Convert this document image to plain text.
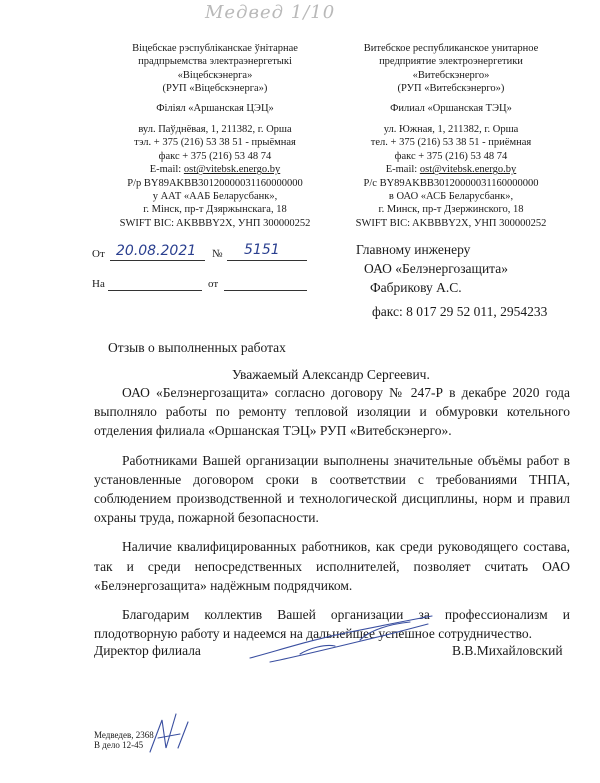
Медвед 1/10
Віцебскае рэспубліканскае ўнітарнае
прадпрыемства электраэнергетыкі
«Віцебскэнерга»
(РУП «Віцебскэнерга»)
Філіял «Аршанская ЦЭЦ»
вул. Паўднёвая, 1, 211382, г. Орша
тэл. + 375 (216) 53 38 51 - прыёмная
факс + 375 (216) 53 48 74
E-mail: ost@vitebsk.energo.by
Р/р BY89AKBB30120000031160000000
у ААТ «ААБ Беларусбанк»,
г. Мінск, пр-т Дзяржынскага, 18
SWIFT BIC: AKBBBY2X, УНП 300000252
Витебское республиканское унитарное
предприятие электроэнергетики
«Витебскэнерго»
(РУП «Витебскэнерго»)
Филиал «Оршанская ТЭЦ»
ул. Южная, 1, 211382, г. Орша
тел. + 375 (216) 53 38 51 - приёмная
факс + 375 (216) 53 48 74
E-mail: ost@vitebsk.energo.by
Р/с BY89AKBB30120000031160000000
в ОАО «АСБ Беларусбанк»,
г. Минск, пр-т Дзержинского, 18
SWIFT BIC: AKBBBY2X, УНП 300000252
От 20.08.2021 № 5151
На	от
Главному инженеру
ОАО «Белэнергозащита»
Фабрикову А.С.
факс: 8 017 29 52 011, 2954233
Отзыв о выполненных работах
Уважаемый Александр Сергеевич.

ОАО «Белэнергозащита» согласно договору № 247-Р в декабре 2020 года выполняло работы по ремонту тепловой изоляции и обмуровки котельного отделения филиала «Оршанская ТЭЦ» РУП «Витебскэнерго».

Работниками Вашей организации выполнены значительные объёмы работ в установленные договором сроки в соответствии с требованиями ТНПА, соблюдением производственной и технологической дисциплины, норм и правил охраны труда, пожарной безопасности.

Наличие квалифицированных работников, как среди руководящего состава, так и среди непосредственных исполнителей, позволяет считать ОАО «Белэнергозащита» надёжным подрядчиком.

Благодарим коллектив Вашей организации за профессионализм и плодотворную работу и надеемся на дальнейшее успешное сотрудничество.

Директор филиала	В.В.Михайловский
Медведев, 2368
В дело 12-45
